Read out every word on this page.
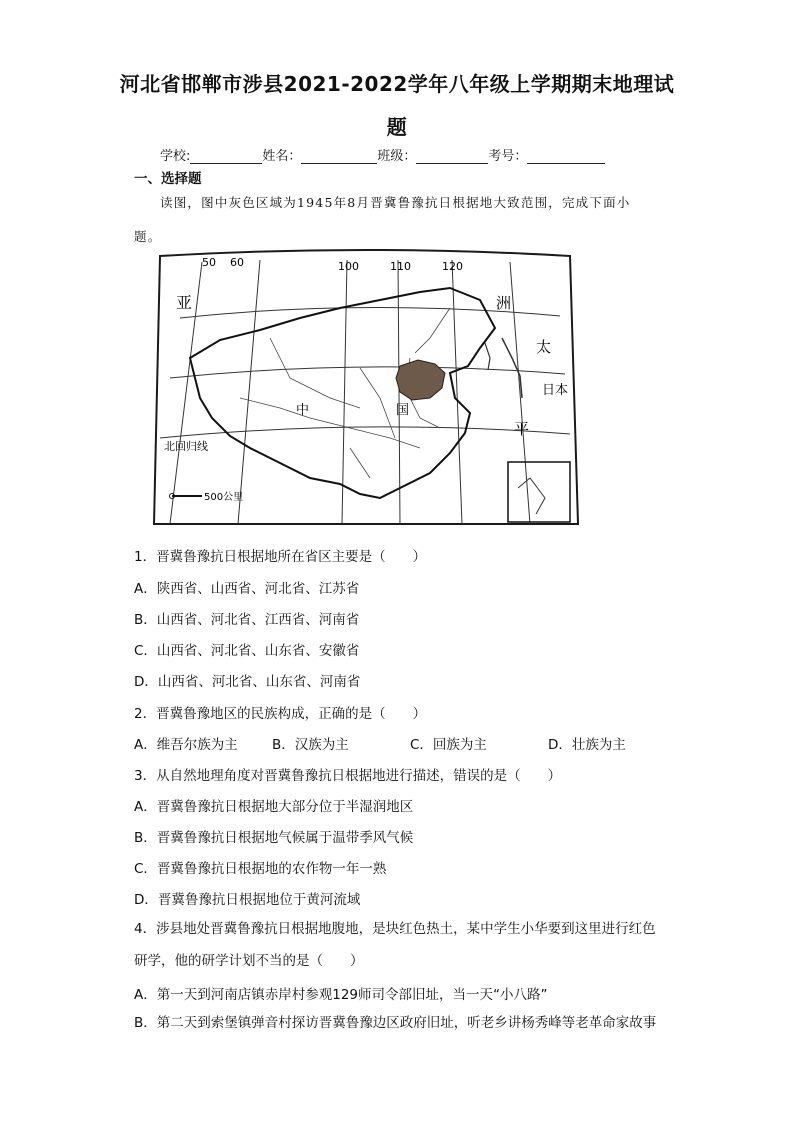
河北省邯郸市涉县2021-2022学年八年级上学期期末地理试
题
学校:	姓名：	班级：	考号：
一、选择题
读图，图中灰色区域为1945年8月晋冀鲁豫抗日根据地大致范围，完成下面小题。
50 60	100	110	120
亚	洲
太
平
中	国
日本
北回归线
500公里
1．晋冀鲁豫抗日根据地所在省区主要是（　　）
A．陕西省、山西省、河北省、江苏省
B．山西省、河北省、江西省、河南省
C．山西省、河北省、山东省、安徽省
D．山西省、河北省、山东省、河南省
2．晋冀鲁豫地区的民族构成，正确的是（　　）
A．维吾尔族为主	B．汉族为主	C．回族为主	D．壮族为主
3．从自然地理角度对晋冀鲁豫抗日根据地进行描述，错误的是（　　）
A．晋冀鲁豫抗日根据地大部分位于半湿润地区
B．晋冀鲁豫抗日根据地气候属于温带季风气候
C．晋冀鲁豫抗日根据地的农作物一年一熟
D．晋冀鲁豫抗日根据地位于黄河流域
4．涉县地处晋冀鲁豫抗日根据地腹地，是块红色热土，某中学生小华要到这里进行红色研学，他的研学计划不当的是（　　）
A．第一天到河南店镇赤岸村参观129师司令部旧址，当一天“小八路”
B．第二天到索堡镇弹音村探访晋冀鲁豫边区政府旧址，听老乡讲杨秀峰等老革命家故事
